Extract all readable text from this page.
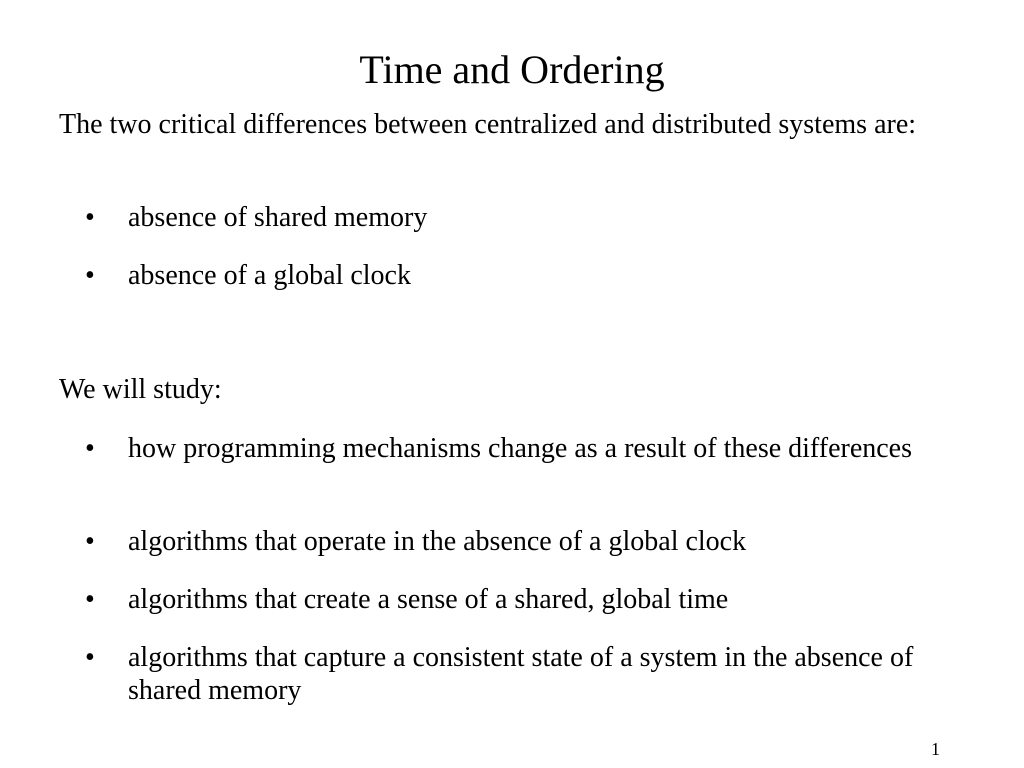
Time and Ordering
The two critical differences between centralized and distributed systems are:
• absence of shared memory
• absence of a global clock
We will study:
• how programming mechanisms change as a result of these differences
• algorithms that operate in the absence of a global clock
• algorithms that create a sense of a shared, global time
• algorithms that capture a consistent state of a system in the absence of shared memory
1
